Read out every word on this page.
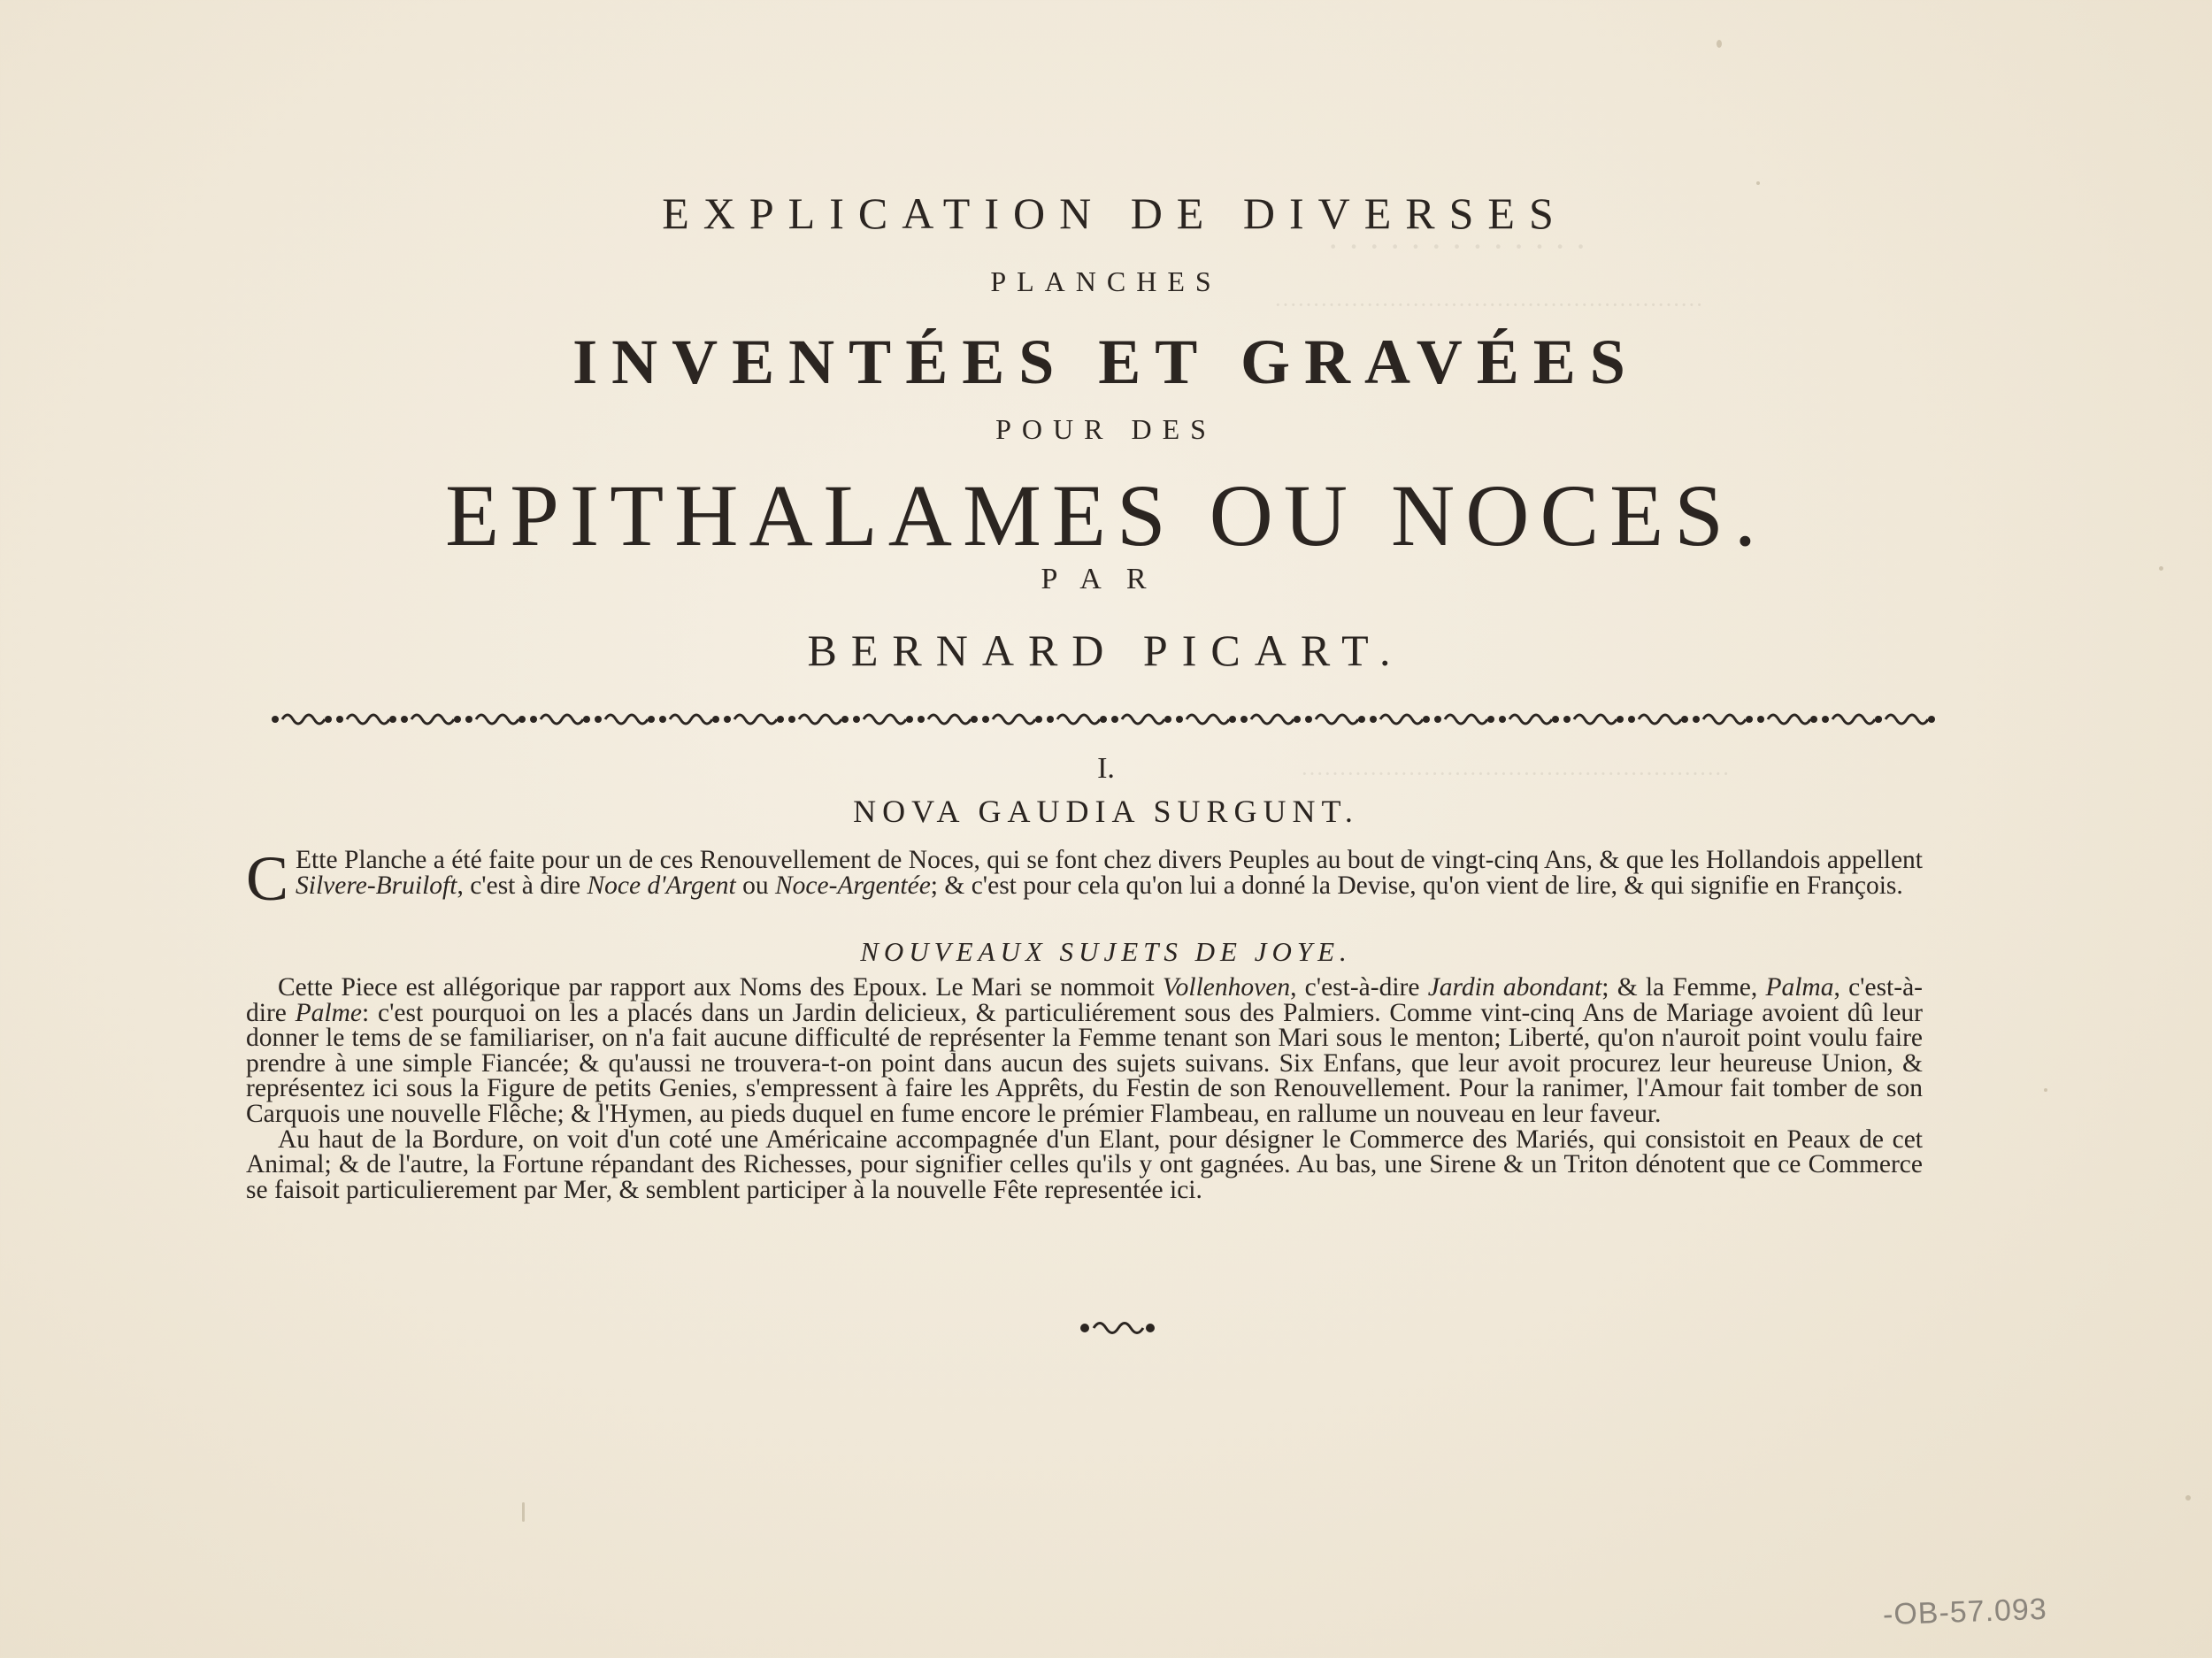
·············
························································
························································
EXPLICATION DE DIVERSES
PLANCHES
INVENTÉES ET GRAVÉES
POUR DES
EPITHALAMES OU NOCES.
PAR
BERNARD PICART.
I.
NOVA GAUDIA SURGUNT.
C Ette Planche a été faite pour un de ces Renouvellement de Noces, qui se font chez divers Peuples au bout de vingt-cinq Ans, & que les Hollandois appellent Silvere-Bruiloft, c'est à dire Noce d'Argent ou Noce-Argentée; & c'est pour cela qu'on lui a donné la Devise, qu'on vient de lire, & qui signifie en François.
NOUVEAUX SUJETS DE JOYE.

Cette Piece est allégorique par rapport aux Noms des Epoux. Le Mari se nommoit Vollenhoven, c'est-à-dire Jardin abondant; & la Femme, Palma, c'est-à-dire Palme: c'est pourquoi on les a placés dans un Jardin delicieux, & particuliérement sous des Palmiers. Comme vint-cinq Ans de Mariage avoient dû leur donner le tems de se familiariser, on n'a fait aucune difficulté de représenter la Femme tenant son Mari sous le menton; Liberté, qu'on n'auroit point voulu faire prendre à une simple Fiancée; & qu'aussi ne trouvera-t-on point dans aucun des sujets suivans. Six Enfans, que leur avoit procurez leur heureuse Union, & représentez ici sous la Figure de petits Genies, s'empressent à faire les Apprêts, du Festin de son Renouvellement. Pour la ranimer, l'Amour fait tomber de son Carquois une nouvelle Flêche; & l'Hymen, au pieds duquel en fume encore le prémier Flambeau, en rallume un nouveau en leur faveur.

Au haut de la Bordure, on voit d'un coté une Américaine accompagnée d'un Elant, pour désigner le Commerce des Mariés, qui consistoit en Peaux de cet Animal; & de l'autre, la Fortune répandant des Richesses, pour signifier celles qu'ils y ont gagnées. Au bas, une Sirene & un Triton dénotent que ce Commerce se faisoit particulierement par Mer, & semblent participer à la nouvelle Fête representée ici.

-OB-57.093
